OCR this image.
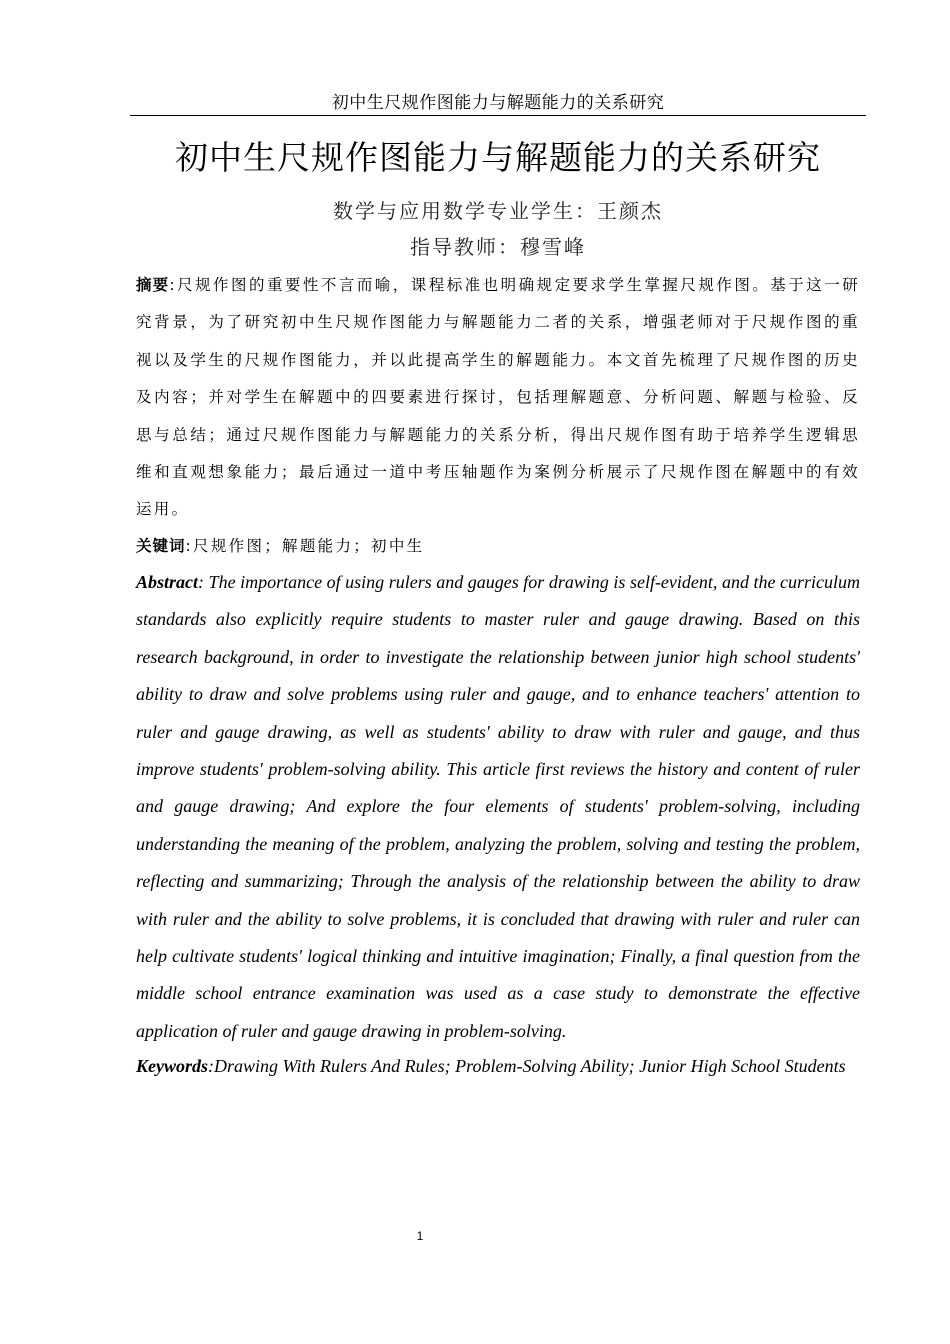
初中生尺规作图能力与解题能力的关系研究
初中生尺规作图能力与解题能力的关系研究
数学与应用数学专业学生：王颜杰
指导教师：穆雪峰
摘要:尺规作图的重要性不言而喻，课程标准也明确规定要求学生掌握尺规作图。基于这一研究背景，为了研究初中生尺规作图能力与解题能力二者的关系，增强老师对于尺规作图的重视以及学生的尺规作图能力，并以此提高学生的解题能力。本文首先梳理了尺规作图的历史及内容；并对学生在解题中的四要素进行探讨，包括理解题意、分析问题、解题与检验、反思与总结；通过尺规作图能力与解题能力的关系分析，得出尺规作图有助于培养学生逻辑思维和直观想象能力；最后通过一道中考压轴题作为案例分析展示了尺规作图在解题中的有效运用。
关键词:尺规作图；解题能力；初中生
Abstract: The importance of using rulers and gauges for drawing is self-evident, and the curriculum standards also explicitly require students to master ruler and gauge drawing. Based on this research background, in order to investigate the relationship between junior high school students' ability to draw and solve problems using ruler and gauge, and to enhance teachers' attention to ruler and gauge drawing, as well as students' ability to draw with ruler and gauge, and thus improve students' problem-solving ability. This article first reviews the history and content of ruler and gauge drawing; And explore the four elements of students' problem-solving, including understanding the meaning of the problem, analyzing the problem, solving and testing the problem, reflecting and summarizing; Through the analysis of the relationship between the ability to draw with ruler and the ability to solve problems, it is concluded that drawing with ruler and ruler can help cultivate students' logical thinking and intuitive imagination; Finally, a final question from the middle school entrance examination was used as a case study to demonstrate the effective application of ruler and gauge drawing in problem-solving.
Keywords:Drawing With Rulers And Rules; Problem-Solving Ability; Junior High School Students
1
